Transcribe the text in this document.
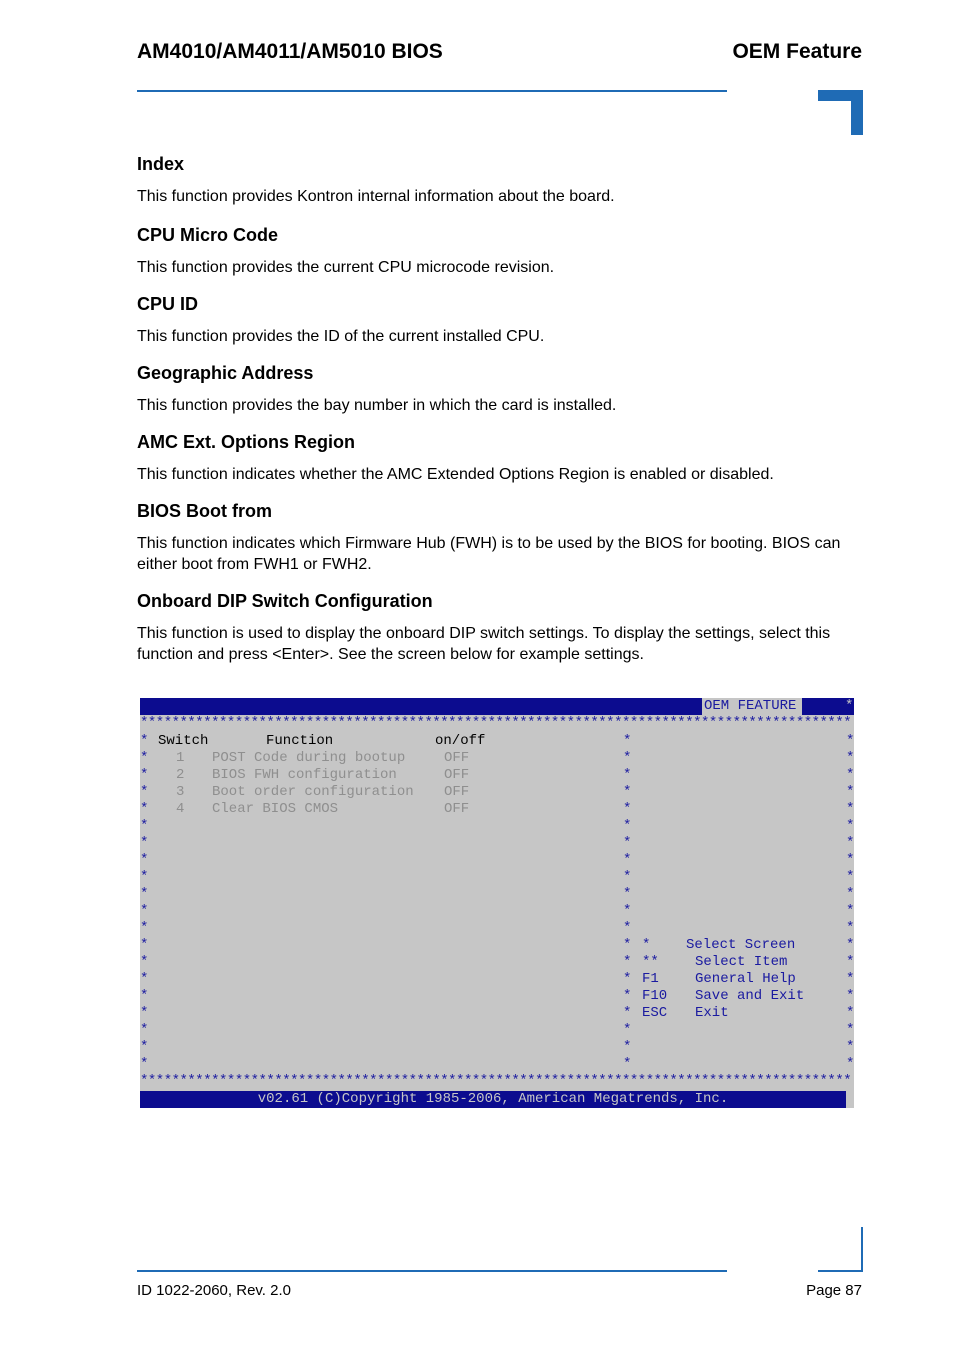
AM4010/AM4011/AM5010 BIOS	OEM Feature
Index

This function provides Kontron internal information about the board.

CPU Micro Code

This function provides the current CPU microcode revision.

CPU ID

This function provides the ID of the current installed CPU.

Geographic Address

This function provides the bay number in which the card is installed.

AMC Ext. Options Region

This function indicates whether the AMC Extended Options Region is enabled or disabled.

BIOS Boot from

This function indicates which Firmware Hub (FWH) is to be used by the BIOS for booting. BIOS can either boot from FWH1 or FWH2.

Onboard DIP Switch Configuration

This function is used to display the onboard DIP switch settings. To display the settings, select this function and press <Enter>. See the screen below for example settings.

OEM FEATURE	*
******************************************************************************************
*	*	*
*	*	*
*	*	*
*	*	*
*	*	*
*	*	*
*	*	*
*	*	*
*	*	*
*	*	*
*	*	*
*	*	*
*	*	*
*	*	*
*	*	*
*	*	*
*	*	*
*	*	*
*	*	*
*	*	*
Switch	Function	on/off
1 POST Code during bootup	OFF
2 BIOS FWH configuration	OFF
3 Boot order configuration OFF
4 Clear BIOS CMOS	OFF
*	Select Screen
**	Select Item
F1	General Help
F10 Save and Exit
ESC Exit
******************************************************************************************
v02.61 (C)Copyright 1985-2006, American Megatrends, Inc.
ID 1022-2060, Rev. 2.0	Page 87
